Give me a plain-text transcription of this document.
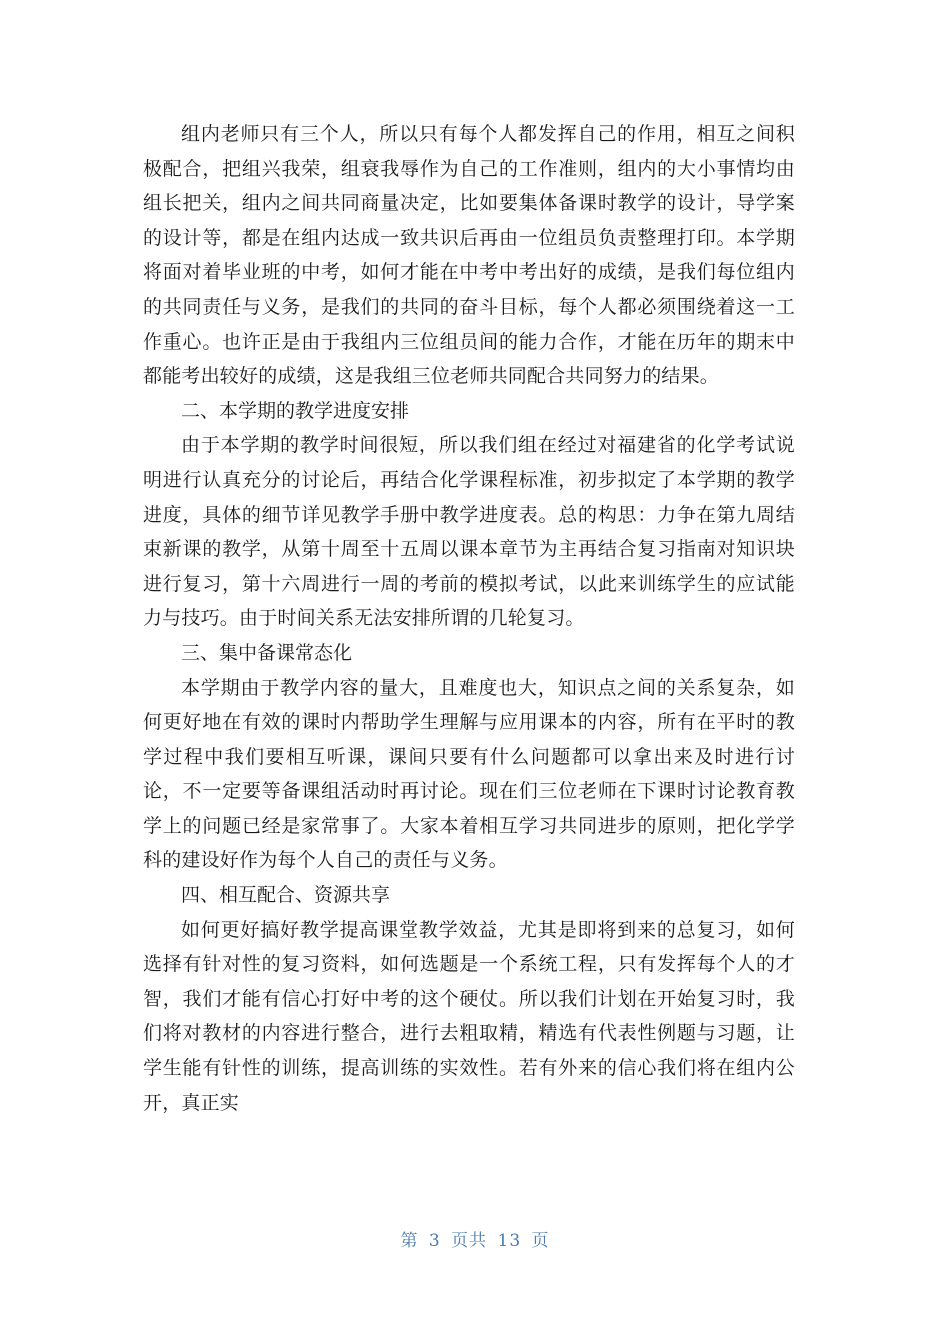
组内老师只有三个人，所以只有每个人都发挥自己的作用，相互之间积极配合，把组兴我荣，组衰我辱作为自己的工作准则，组内的大小事情均由组长把关，组内之间共同商量决定，比如要集体备课时教学的设计，导学案的设计等，都是在组内达成一致共识后再由一位组员负责整理打印。本学期将面对着毕业班的中考，如何才能在中考中考出好的成绩，是我们每位组内的共同责任与义务，是我们的共同的奋斗目标，每个人都必须围绕着这一工作重心。也许正是由于我组内三位组员间的能力合作，才能在历年的期末中都能考出较好的成绩，这是我组三位老师共同配合共同努力的结果。

二、本学期的教学进度安排

由于本学期的教学时间很短，所以我们组在经过对福建省的化学考试说明进行认真充分的讨论后，再结合化学课程标准，初步拟定了本学期的教学进度，具体的细节详见教学手册中教学进度表。总的构思：力争在第九周结束新课的教学，从第十周至十五周以课本章节为主再结合复习指南对知识块进行复习，第十六周进行一周的考前的模拟考试，以此来训练学生的应试能力与技巧。由于时间关系无法安排所谓的几轮复习。

三、集中备课常态化

本学期由于教学内容的量大，且难度也大，知识点之间的关系复杂，如何更好地在有效的课时内帮助学生理解与应用课本的内容，所有在平时的教学过程中我们要相互听课，课间只要有什么问题都可以拿出来及时进行讨论，不一定要等备课组活动时再讨论。现在们三位老师在下课时讨论教育教学上的问题已经是家常事了。大家本着相互学习共同进步的原则，把化学学科的建设好作为每个人自己的责任与义务。

四、相互配合、资源共享

如何更好搞好教学提高课堂教学效益，尤其是即将到来的总复习，如何选择有针对性的复习资料，如何选题是一个系统工程，只有发挥每个人的才智，我们才能有信心打好中考的这个硬仗。所以我们计划在开始复习时，我们将对教材的内容进行整合，进行去粗取精，精选有代表性例题与习题，让学生能有针性的训练，提高训练的实效性。若有外来的信心我们将在组内公开，真正实

第 3 页共 13 页
